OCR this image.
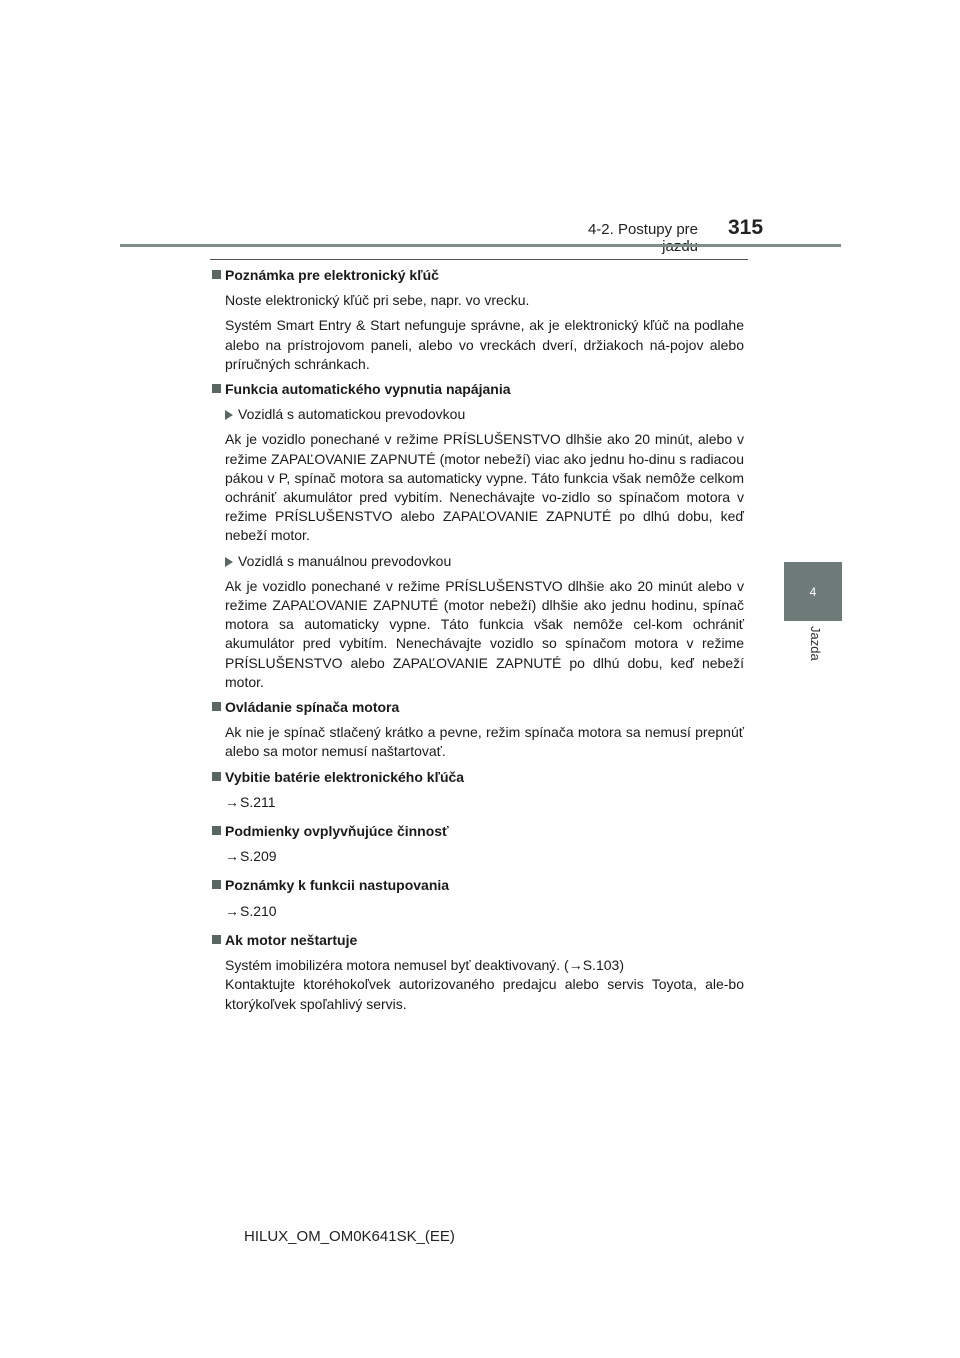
4-2. Postupy pre 315
4
Jazda
Poznámka pre elektronický kľúč
Noste elektronický kľúč pri sebe, napr. vo vrecku.
Systém Smart Entry & Start nefunguje správne, ak je elektronický kľúč na podlahe alebo na prístrojovom paneli, alebo vo vreckách dverí, držiakoch ná-pojov alebo príručných schránkach.
Funkcia automatického vypnutia napájania
Vozidlá s automatickou prevodovkou
Ak je vozidlo ponechané v režime PRÍSLUŠENSTVO dlhšie ako 20 minút, alebo v režime ZAPAĽOVANIE ZAPNUTÉ (motor nebeží) viac ako jednu ho-dinu s radiacou pákou v P, spínač motora sa automaticky vypne. Táto funkcia však nemôže celkom ochrániť akumulátor pred vybitím. Nenechávajte vo-zidlo so spínačom motora v režime PRÍSLUŠENSTVO alebo ZAPAĽOVANIE ZAPNUTÉ po dlhú dobu, keď nebeží motor.
Vozidlá s manuálnou prevodovkou
Ak je vozidlo ponechané v režime PRÍSLUŠENSTVO dlhšie ako 20 minút alebo v režime ZAPAĽOVANIE ZAPNUTÉ (motor nebeží) dlhšie ako jednu hodinu, spínač motora sa automaticky vypne. Táto funkcia však nemôže cel-kom ochrániť akumulátor pred vybitím. Nenechávajte vozidlo so spínačom motora v režime PRÍSLUŠENSTVO alebo ZAPAĽOVANIE ZAPNUTÉ po dlhú dobu, keď nebeží motor.
Ovládanie spínača motora
Ak nie je spínač stlačený krátko a pevne, režim spínača motora sa nemusí prepnúť alebo sa motor nemusí naštartovať.
Vybitie batérie elektronického kľúča
→S.211
Podmienky ovplyvňujúce činnosť
→S.209
Poznámky k funkcii nastupovania
→S.210
Ak motor neštartuje
Systém imobilizéra motora nemusel byť deaktivovaný. (→S.103)
Kontaktujte ktoréhokoľvek autorizovaného predajcu alebo servis Toyota, ale-bo ktorýkoľvek spoľahlivý servis.
HILUX_OM_OM0K641SK_(EE)
